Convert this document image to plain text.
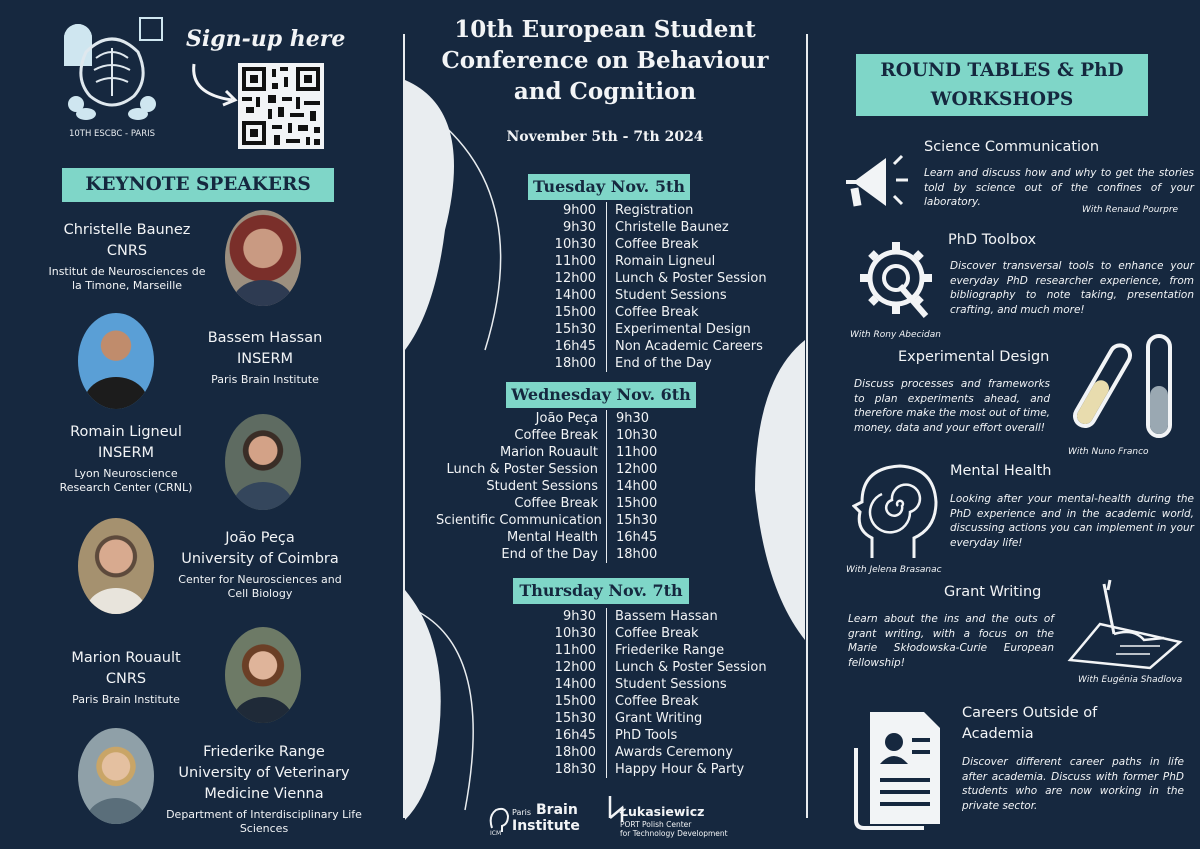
10TH ESCBC - PARIS
Sign-up here
KEYNOTE SPEAKERS
Christelle Baunez
CNRS
Institut de Neurosciences de
la Timone, Marseille
Bassem Hassan
INSERM
Paris Brain Institute
Romain Ligneul
INSERM
Lyon Neuroscience
Research Center (CRNL)
João Peça
University of Coimbra
Center for Neurosciences and
Cell Biology
Marion Rouault
CNRS
Paris Brain Institute
Friederike Range
University of Veterinary
Medicine Vienna
Department of Interdisciplinary Life
Sciences
10th European Student
Conference on Behaviour
and Cognition
November 5th - 7th 2024
Tuesday Nov. 5th
9h00	Registration
9h30	Christelle Baunez
10h30	Coffee Break
11h00	Romain Ligneul
12h00	Lunch & Poster Session
14h00	Student Sessions
15h00	Coffee Break
15h30	Experimental Design
16h45	Non Academic Careers
18h00	End of the Day
Wednesday Nov. 6th
João Peça	9h30
Coffee Break	10h30
Marion Rouault	11h00
Lunch & Poster Session	12h00
Student Sessions	14h00
Coffee Break	15h00
Scientific Communication	15h30
Mental Health	16h45
End of the Day	18h00
Thursday Nov. 7th
9h30	Bassem Hassan
10h30	Coffee Break
11h00	Friederike Range
12h00	Lunch & Poster Session
14h00	Student Sessions
15h00	Coffee Break
15h30	Grant Writing
16h45	PhD Tools
18h00	Awards Ceremony
18h30	Happy Hour & Party
ICM
Paris Brain
Institute
Łukasiewicz
PORT Polish Center
for Technology Development
ROUND TABLES & PhD
WORKSHOPS
Science Communication
Learn and discuss how and why to get the stories told by science out of the confines of your laboratory.
With Renaud Pourpre
PhD Toolbox
Discover transversal tools to enhance your everyday PhD researcher experience, from bibliography to note taking, presentation crafting, and much more!
With Rony Abecidan
Experimental Design
Discuss processes and frameworks to plan experiments ahead, and therefore make the most out of time, money, data and your effort overall!
With Nuno Franco
Mental Health
Looking after your mental-health during the PhD experience and in the academic world, discussing actions you can implement in your everyday life!
With Jelena Brasanac
Grant Writing
Learn about the ins and the outs of grant writing, with a focus on the Marie Skłodowska-Curie European fellowship!
With Eugénia Shadlova
Careers Outside of
Academia
Discover different career paths in life after academia. Discuss with former PhD students who are now working in the private sector.
